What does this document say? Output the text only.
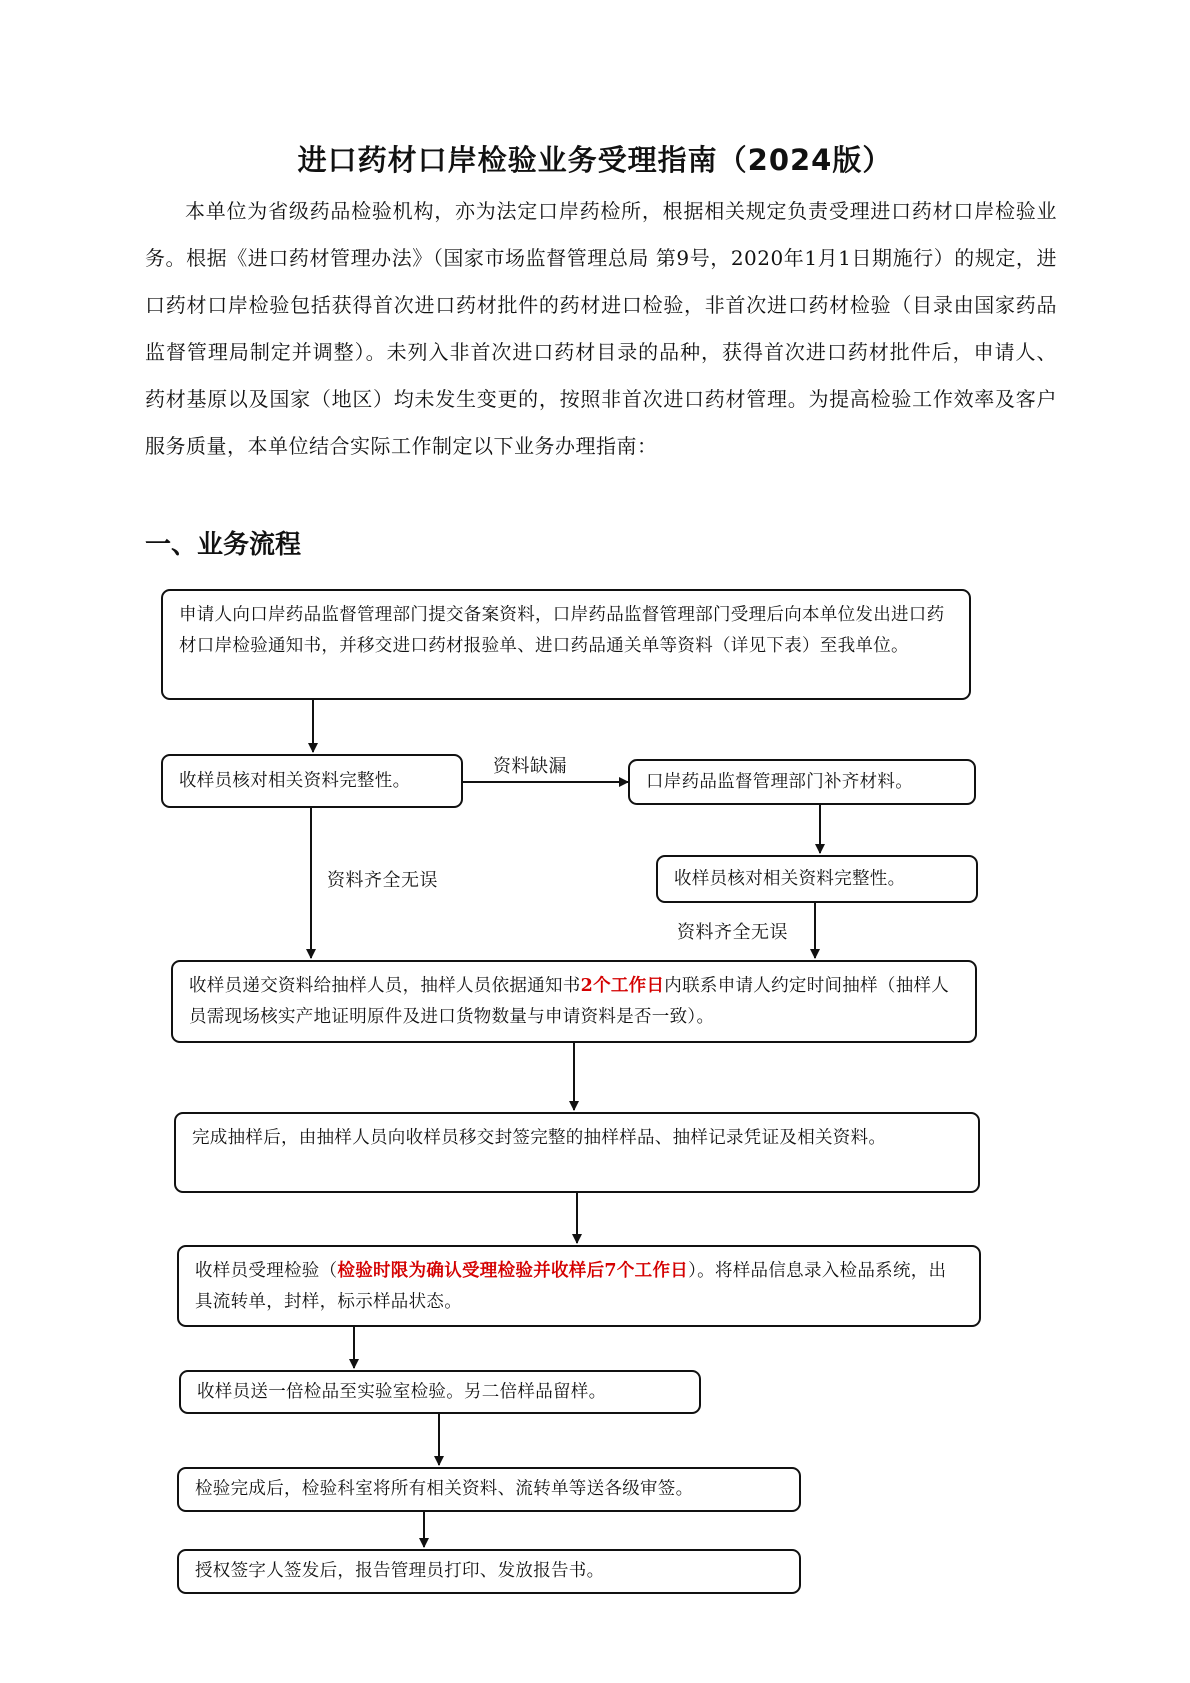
进口药材口岸检验业务受理指南（2024版）

本单位为省级药品检验机构，亦为法定口岸药检所，根据相关规定负责受理进口药材口岸检验业务。根据《进口药材管理办法》（国家市场监督管理总局 第9号，2020年1月1日期施行）的规定，进口药材口岸检验包括获得首次进口药材批件的药材进口检验，非首次进口药材检验（目录由国家药品监督管理局制定并调整）。未列入非首次进口药材目录的品种，获得首次进口药材批件后，申请人、药材基原以及国家（地区）均未发生变更的，按照非首次进口药材管理。为提高检验工作效率及客户服务质量，本单位结合实际工作制定以下业务办理指南：

一、业务流程
申请人向口岸药品监督管理部门提交备案资料，口岸药品监督管理部门受理后向本单位发出进口药材口岸检验通知书，并移交进口药材报验单、进口药品通关单等资料（详见下表）至我单位。
收样员核对相关资料完整性。
资料缺漏
口岸药品监督管理部门补齐材料。
收样员核对相关资料完整性。
资料齐全无误
资料齐全无误
收样员递交资料给抽样人员，抽样人员依据通知书2个工作日内联系申请人约定时间抽样（抽样人员需现场核实产地证明原件及进口货物数量与申请资料是否一致）。
完成抽样后，由抽样人员向收样员移交封签完整的抽样样品、抽样记录凭证及相关资料。
收样员受理检验（检验时限为确认受理检验并收样后7个工作日）。将样品信息录入检品系统，出具流转单，封样，标示样品状态。
收样员送一倍检品至实验室检验。另二倍样品留样。
检验完成后，检验科室将所有相关资料、流转单等送各级审签。
授权签字人签发后，报告管理员打印、发放报告书。
